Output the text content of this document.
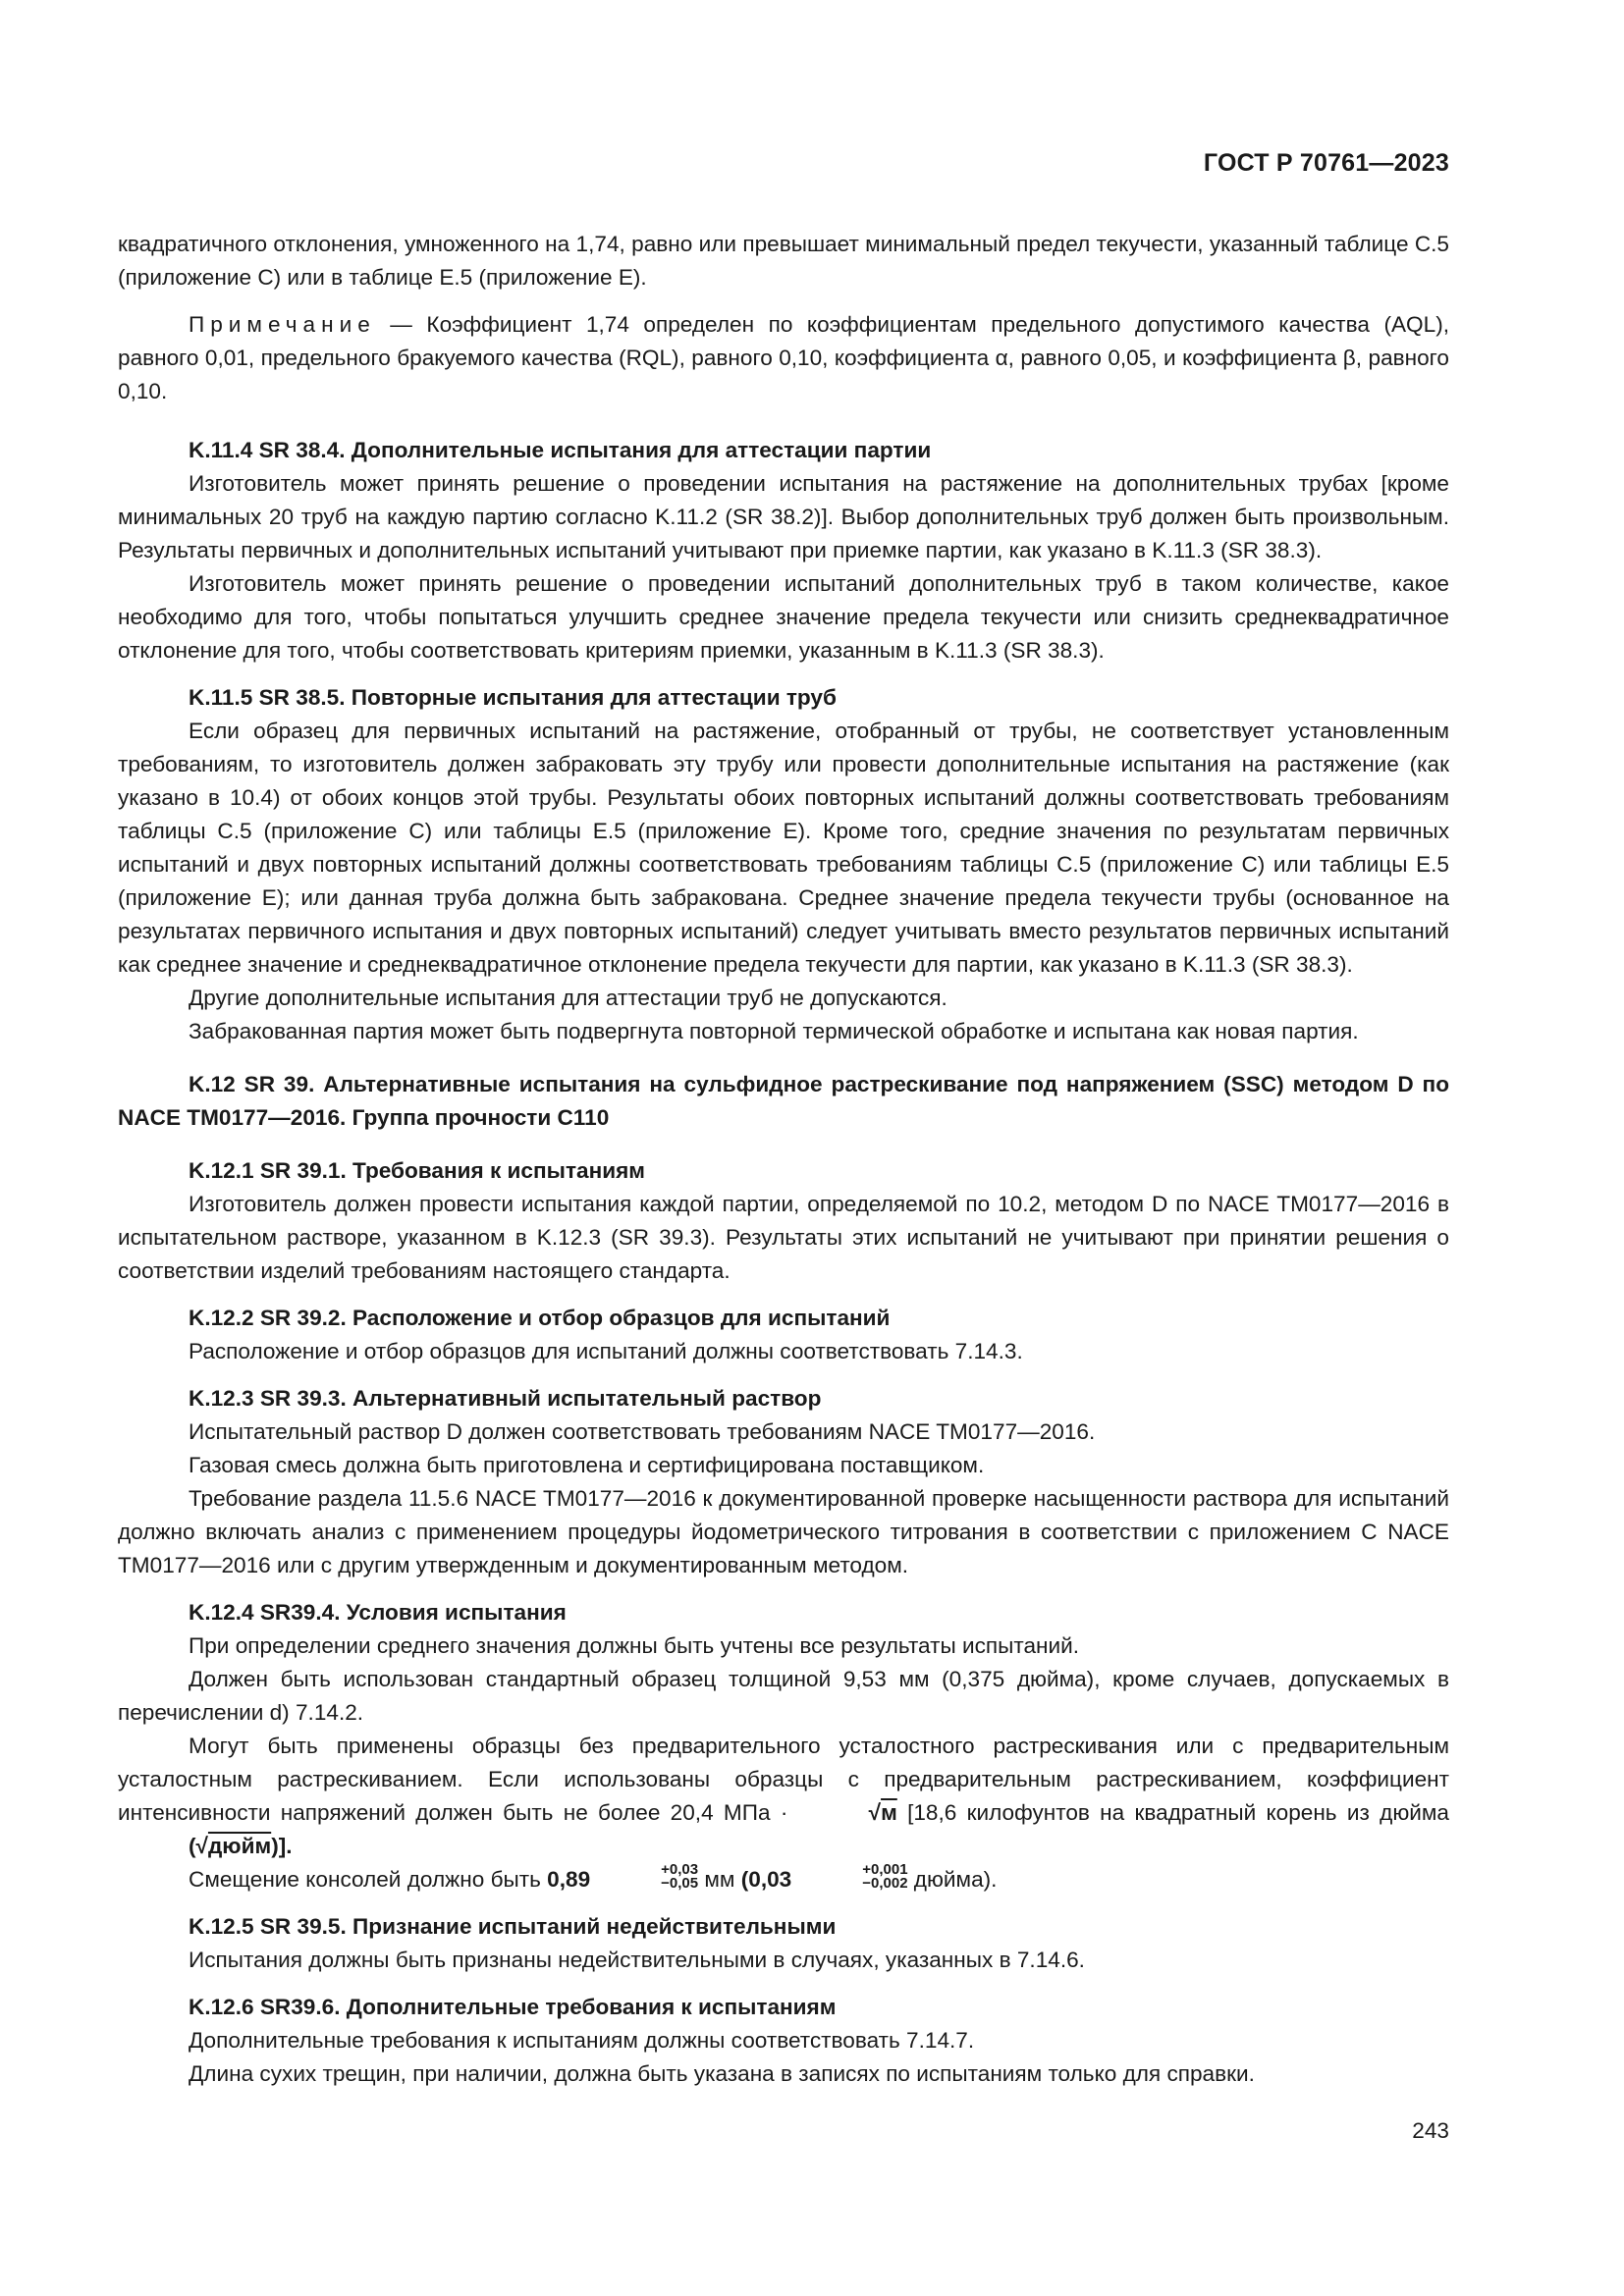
ГОСТ Р 70761—2023

квадратичного отклонения, умноженного на 1,74, равно или превышает минимальный предел текучести, указанный таблице С.5 (приложение С) или в таблице Е.5 (приложение Е).

Примечание — Коэффициент 1,74 определен по коэффициентам предельного допустимого качества (AQL), равного 0,01, предельного бракуемого качества (RQL), равного 0,10, коэффициента α, равного 0,05, и коэффициента β, равного 0,10.

K.11.4 SR 38.4. Дополнительные испытания для аттестации партии

Изготовитель может принять решение о проведении испытания на растяжение на дополнительных трубах [кроме минимальных 20 труб на каждую партию согласно K.11.2 (SR 38.2)]. Выбор дополнительных труб должен быть произвольным. Результаты первичных и дополнительных испытаний учитывают при приемке партии, как указано в K.11.3 (SR 38.3).

Изготовитель может принять решение о проведении испытаний дополнительных труб в таком количестве, какое необходимо для того, чтобы попытаться улучшить среднее значение предела текучести или снизить среднеквадратичное отклонение для того, чтобы соответствовать критериям приемки, указанным в K.11.3 (SR 38.3).

K.11.5 SR 38.5. Повторные испытания для аттестации труб

Если образец для первичных испытаний на растяжение, отобранный от трубы, не соответствует установленным требованиям, то изготовитель должен забраковать эту трубу или провести дополнительные испытания на растяжение (как указано в 10.4) от обоих концов этой трубы. Результаты обоих повторных испытаний должны соответствовать требованиям таблицы С.5 (приложение С) или таблицы Е.5 (приложение Е). Кроме того, средние значения по результатам первичных испытаний и двух повторных испытаний должны соответствовать требованиям таблицы С.5 (приложение С) или таблицы Е.5 (приложение Е); или данная труба должна быть забракована. Среднее значение предела текучести трубы (основанное на результатах первичного испытания и двух повторных испытаний) следует учитывать вместо результатов первичных испытаний как среднее значение и среднеквадратичное отклонение предела текучести для партии, как указано в K.11.3 (SR 38.3).

Другие дополнительные испытания для аттестации труб не допускаются.

Забракованная партия может быть подвергнута повторной термической обработке и испытана как новая партия.

K.12 SR 39. Альтернативные испытания на сульфидное растрескивание под напряжением (SSC) методом D по NACE TM0177—2016. Группа прочности С110

K.12.1 SR 39.1. Требования к испытаниям

Изготовитель должен провести испытания каждой партии, определяемой по 10.2, методом D по NACE TM0177—2016 в испытательном растворе, указанном в K.12.3 (SR 39.3). Результаты этих испытаний не учитывают при принятии решения о соответствии изделий требованиям настоящего стандарта.

K.12.2 SR 39.2. Расположение и отбор образцов для испытаний

Расположение и отбор образцов для испытаний должны соответствовать 7.14.3.

K.12.3 SR 39.3. Альтернативный испытательный раствор

Испытательный раствор D должен соответствовать требованиям NACE TM0177—2016.

Газовая смесь должна быть приготовлена и сертифицирована поставщиком.

Требование раздела 11.5.6 NACE TM0177—2016 к документированной проверке насыщенности раствора для испытаний должно включать анализ с применением процедуры йодометрического титрования в соответствии с приложением С NACE TM0177—2016 или с другим утвержденным и документированным методом.

K.12.4 SR39.4. Условия испытания

При определении среднего значения должны быть учтены все результаты испытаний.

Должен быть использован стандартный образец толщиной 9,53 мм (0,375 дюйма), кроме случаев, допускаемых в перечислении d) 7.14.2.

Могут быть применены образцы без предварительного усталостного растрескивания или с предварительным усталостным растрескиванием. Если использованы образцы с предварительным растрескиванием, коэффициент интенсивности напряжений должен быть не более 20,4 МПа ·	√м [18,6 килофунтов на квадратный корень из дюйма (√дюйм)].

Смещение консолей должно быть 0,89	+0,03
−0,05 мм (0,03	+0,001
−0,002 дюйма).

K.12.5 SR 39.5. Признание испытаний недействительными

Испытания должны быть признаны недействительными в случаях, указанных в 7.14.6.

K.12.6 SR39.6. Дополнительные требования к испытаниям

Дополнительные требования к испытаниям должны соответствовать 7.14.7.

Длина сухих трещин, при наличии, должна быть указана в записях по испытаниям только для справки.

243
